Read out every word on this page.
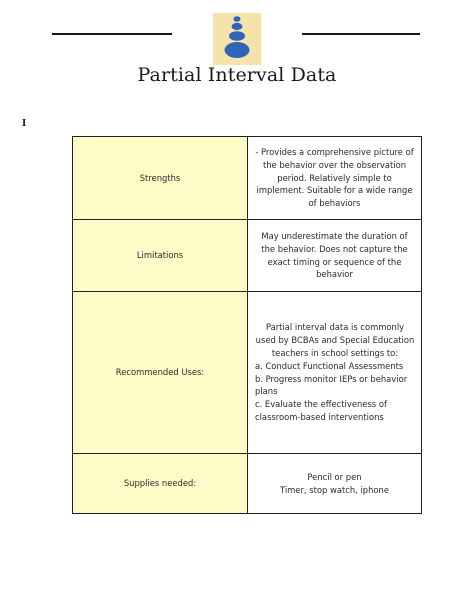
Partial Interval Data
I
Strengths	- Provides a comprehensive picture of the behavior over the observation period. Relatively simple to implement. Suitable for a wide range of behaviors
Limitations	May underestimate the duration of the behavior. Does not capture the exact timing or sequence of the behavior
Recommended Uses:	Partial interval data is commonly used by BCBAs and Special Education teachers in school settings to:
a. Conduct Functional Assessments
b. Progress monitor IEPs or behavior plans
c. Evaluate the effectiveness of classroom-based interventions

Supplies needed:	Pencil or pen
Timer, stop watch, iphone
